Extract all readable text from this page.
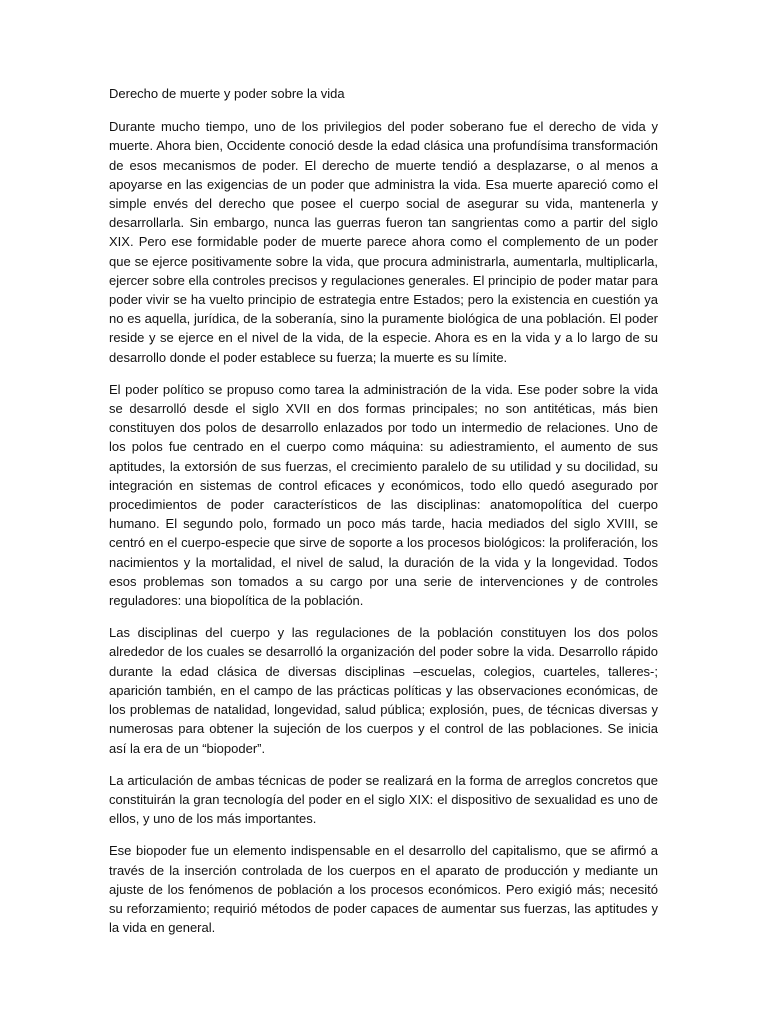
Derecho de muerte y poder sobre la vida

Durante mucho tiempo, uno de los privilegios del poder soberano fue el derecho de vida y muerte. Ahora bien, Occidente conoció desde la edad clásica una profundísima transformación de esos mecanismos de poder. El derecho de muerte tendió a desplazarse, o al menos a apoyarse en las exigencias de un poder que administra la vida. Esa muerte apareció como el simple envés del derecho que posee el cuerpo social de asegurar su vida, mantenerla y desarrollarla. Sin embargo, nunca las guerras fueron tan sangrientas como a partir del siglo XIX. Pero ese formidable poder de muerte parece ahora como el complemento de un poder que se ejerce positivamente sobre la vida, que procura administrarla, aumentarla, multiplicarla, ejercer sobre ella controles precisos y regulaciones generales. El principio de poder matar para poder vivir se ha vuelto principio de estrategia entre Estados; pero la existencia en cuestión ya no es aquella, jurídica, de la soberanía, sino la puramente biológica de una población. El poder reside y se ejerce en el nivel de la vida, de la especie. Ahora es en la vida y a lo largo de su desarrollo donde el poder establece su fuerza; la muerte es su límite.

El poder político se propuso como tarea la administración de la vida. Ese poder sobre la vida se desarrolló desde el siglo XVII en dos formas principales; no son antitéticas, más bien constituyen dos polos de desarrollo enlazados por todo un intermedio de relaciones. Uno de los polos fue centrado en el cuerpo como máquina: su adiestramiento, el aumento de sus aptitudes, la extorsión de sus fuerzas, el crecimiento paralelo de su utilidad y su docilidad, su integración en sistemas de control eficaces y económicos, todo ello quedó asegurado por procedimientos de poder característicos de las disciplinas: anatomopolítica del cuerpo humano. El segundo polo, formado un poco más tarde, hacia mediados del siglo XVIII, se centró en el cuerpo-especie que sirve de soporte a los procesos biológicos: la proliferación, los nacimientos y la mortalidad, el nivel de salud, la duración de la vida y la longevidad. Todos esos problemas son tomados a su cargo por una serie de intervenciones y de controles reguladores: una biopolítica de la población.

Las disciplinas del cuerpo y las regulaciones de la población constituyen los dos polos alrededor de los cuales se desarrolló la organización del poder sobre la vida. Desarrollo rápido durante la edad clásica de diversas disciplinas –escuelas, colegios, cuarteles, talleres-; aparición también, en el campo de las prácticas políticas y las observaciones económicas, de los problemas de natalidad, longevidad, salud pública; explosión, pues, de técnicas diversas y numerosas para obtener la sujeción de los cuerpos y el control de las poblaciones. Se inicia así la era de un “biopoder”.

La articulación de ambas técnicas de poder se realizará en la forma de arreglos concretos que constituirán la gran tecnología del poder en el siglo XIX: el dispositivo de sexualidad es uno de ellos, y uno de los más importantes.

Ese biopoder fue un elemento indispensable en el desarrollo del capitalismo, que se afirmó a través de la inserción controlada de los cuerpos en el aparato de producción y mediante un ajuste de los fenómenos de población a los procesos económicos. Pero exigió más; necesitó su reforzamiento; requirió métodos de poder capaces de aumentar sus fuerzas, las aptitudes y la vida en general.
